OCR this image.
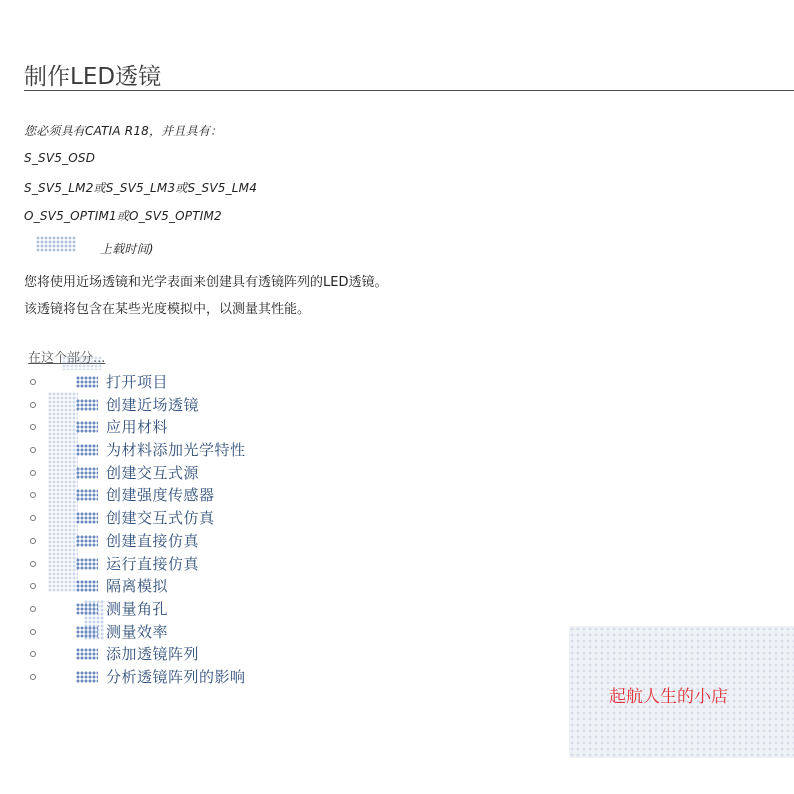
制作LED透镜
您必须具有CATIA R18，并且具有：
S_SV5_OSD
S_SV5_LM2或S_SV5_LM3或S_SV5_LM4
O_SV5_OPTIM1或O_SV5_OPTIM2
上载时间)
您将使用近场透镜和光学表面来创建具有透镜阵列的LED透镜。
该透镜将包含在某些光度模拟中，以测量其性能。
在这个部分...
打开项目
创建近场透镜
应用材料
为材料添加光学特性
创建交互式源
创建强度传感器
创建交互式仿真
创建直接仿真
运行直接仿真
隔离模拟
测量角孔
测量效率
添加透镜阵列
分析透镜阵列的影响
起航人生的小店
